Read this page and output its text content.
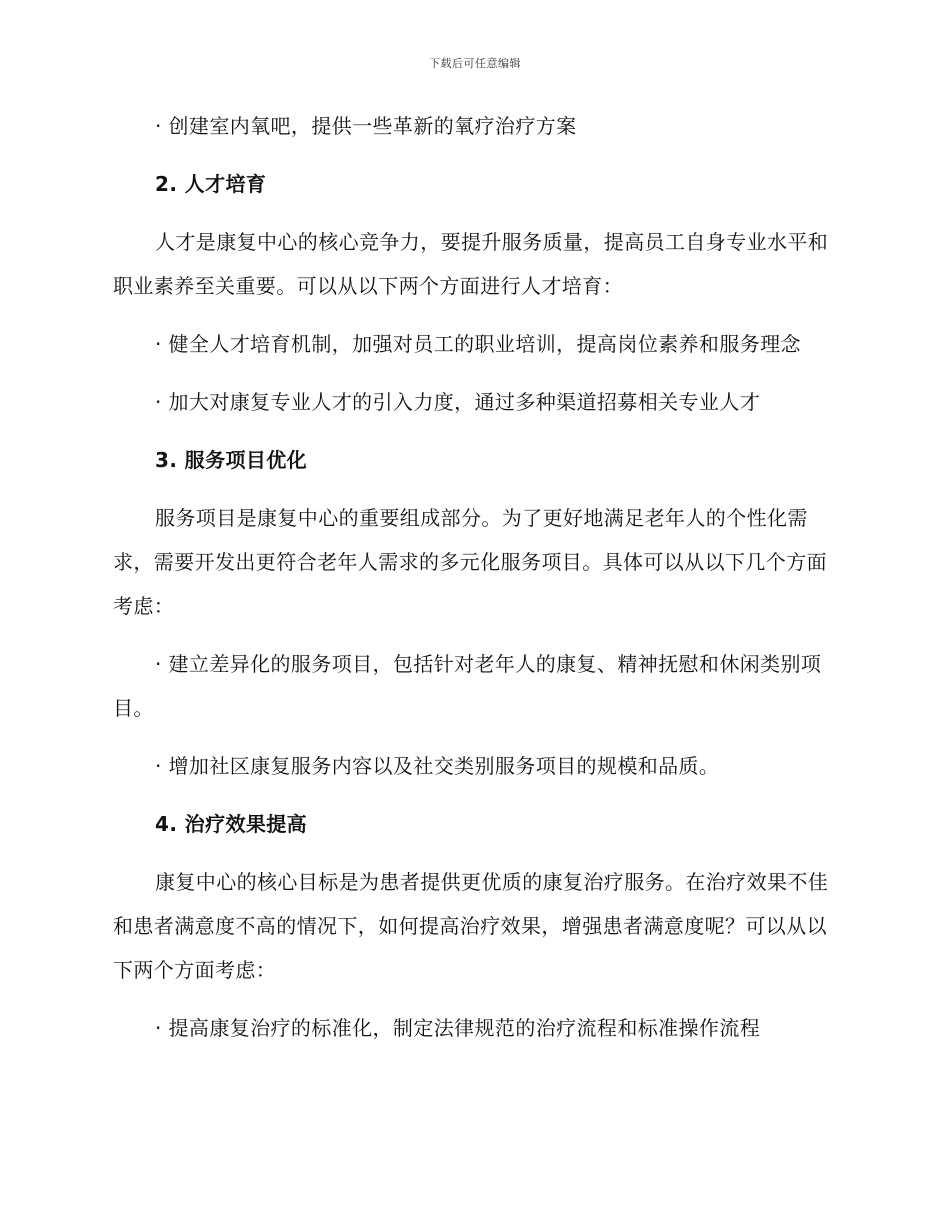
下载后可任意编辑

· 创建室内氧吧，提供一些革新的氧疗治疗方案

2. 人才培育

人才是康复中心的核心竞争力，要提升服务质量，提高员工自身专业水平和职业素养至关重要。可以从以下两个方面进行人才培育：

· 健全人才培育机制，加强对员工的职业培训，提高岗位素养和服务理念

· 加大对康复专业人才的引入力度，通过多种渠道招募相关专业人才

3. 服务项目优化

服务项目是康复中心的重要组成部分。为了更好地满足老年人的个性化需求，需要开发出更符合老年人需求的多元化服务项目。具体可以从以下几个方面考虑：

· 建立差异化的服务项目，包括针对老年人的康复、精神抚慰和休闲类别项目。

· 增加社区康复服务内容以及社交类别服务项目的规模和品质。

4. 治疗效果提高

康复中心的核心目标是为患者提供更优质的康复治疗服务。在治疗效果不佳和患者满意度不高的情况下，如何提高治疗效果，增强患者满意度呢？可以从以下两个方面考虑：

· 提高康复治疗的标准化，制定法律规范的治疗流程和标准操作流程
